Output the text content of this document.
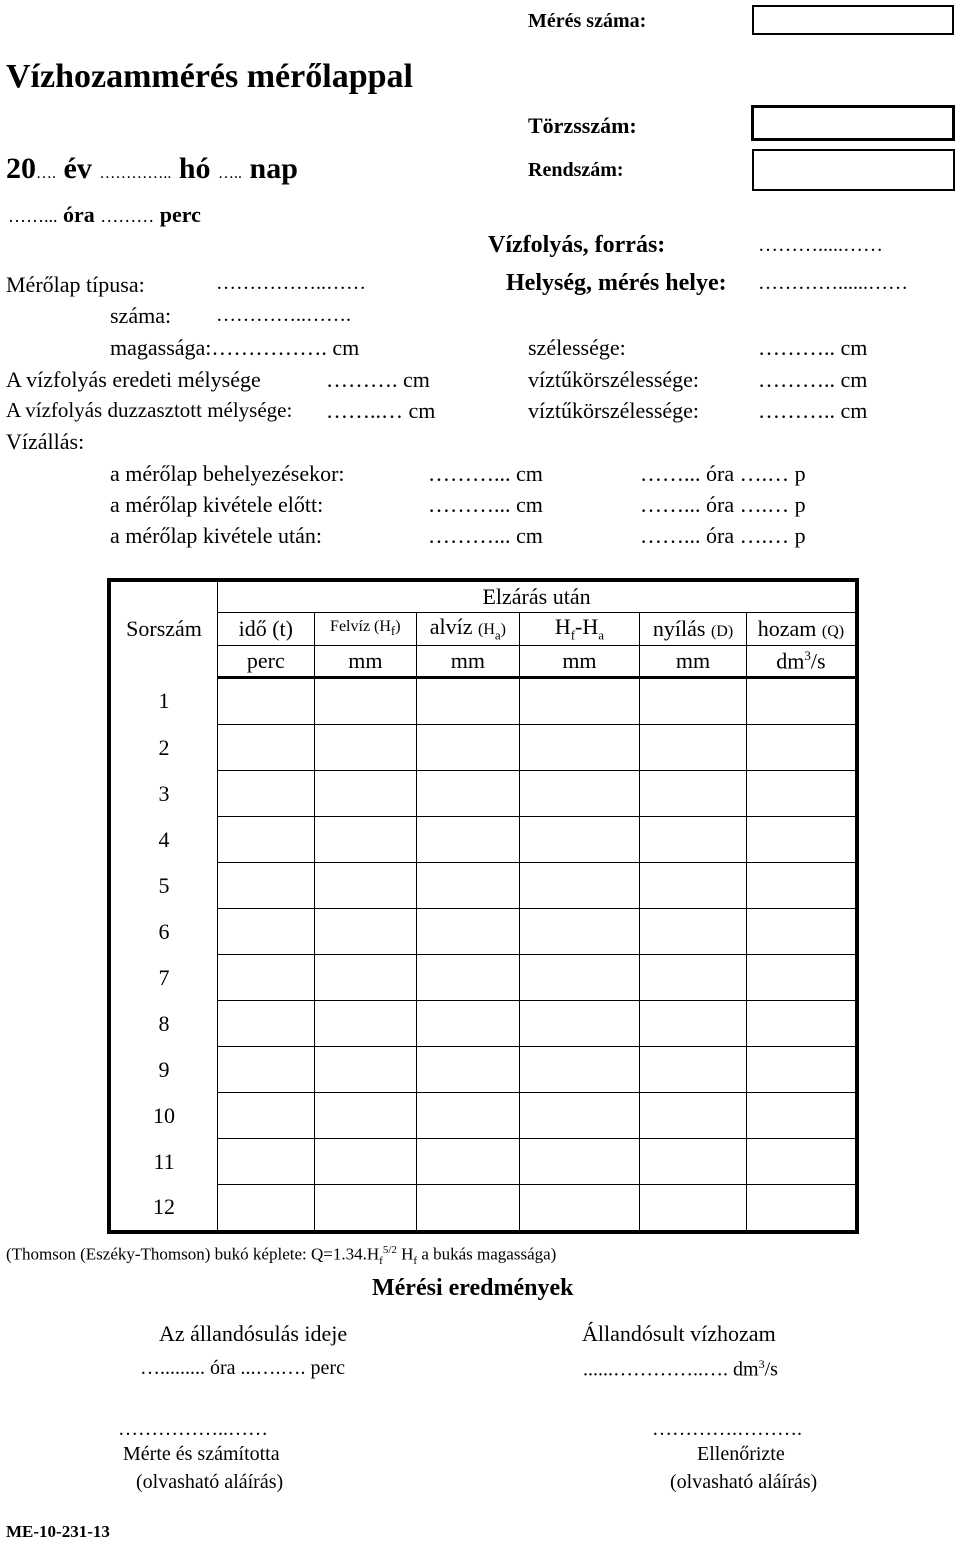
Mérés száma:
Vízhozammérés mérőlappal
Törzsszám:
20…. év ………….. hó ….. nap	Rendszám:
……... óra ……… perc
Vízfolyás, forrás:	……….....……
Mérőlap típusa:	……………..……	Helység, mérés helye: …………......……
száma: …………..…….
magassága:……………. cm	szélessége:	……….. cm
A vízfolyás eredeti mélysége	………. cm	víztűkörszélessége:	……….. cm
A vízfolyás duzzasztott mélysége: ……..… cm	víztűkörszélessége:	……….. cm
Vízállás:
a mérőlap behelyezésekor:	………... cm	……... óra ….… p
a mérőlap kivétele előtt:	………... cm	……... óra ….… p
a mérőlap kivétele után:	………... cm	……... óra ….… p
	Elzárás után					
Sorszám	idő (t)	Felvíz $(H_f)$	alvíz $(H_a)$	$H_f-H_a$	nyílás (D)	hozam (Q)
	perc	mm	mm	mm	mm	$dm^3/s$
1						
2						
3						
4						
5						
6						
7						
8						
9						
10						
11						
12						
(Thomson (Eszéky-Thomson) bukó képlete: $Q=1.34.H_f^{5/2}$ $H_f$ a bukás magassága)
Mérési eredmények
Az állandósulás ideje	Állandósult vízhozam
…......... óra ...….…. perc	......…………..…. $dm^3/s$
……………..……
Mérte és számította
(olvasható aláírás)
………….……….
Ellenőrizte
(olvasható aláírás)
ME-10-231-13
